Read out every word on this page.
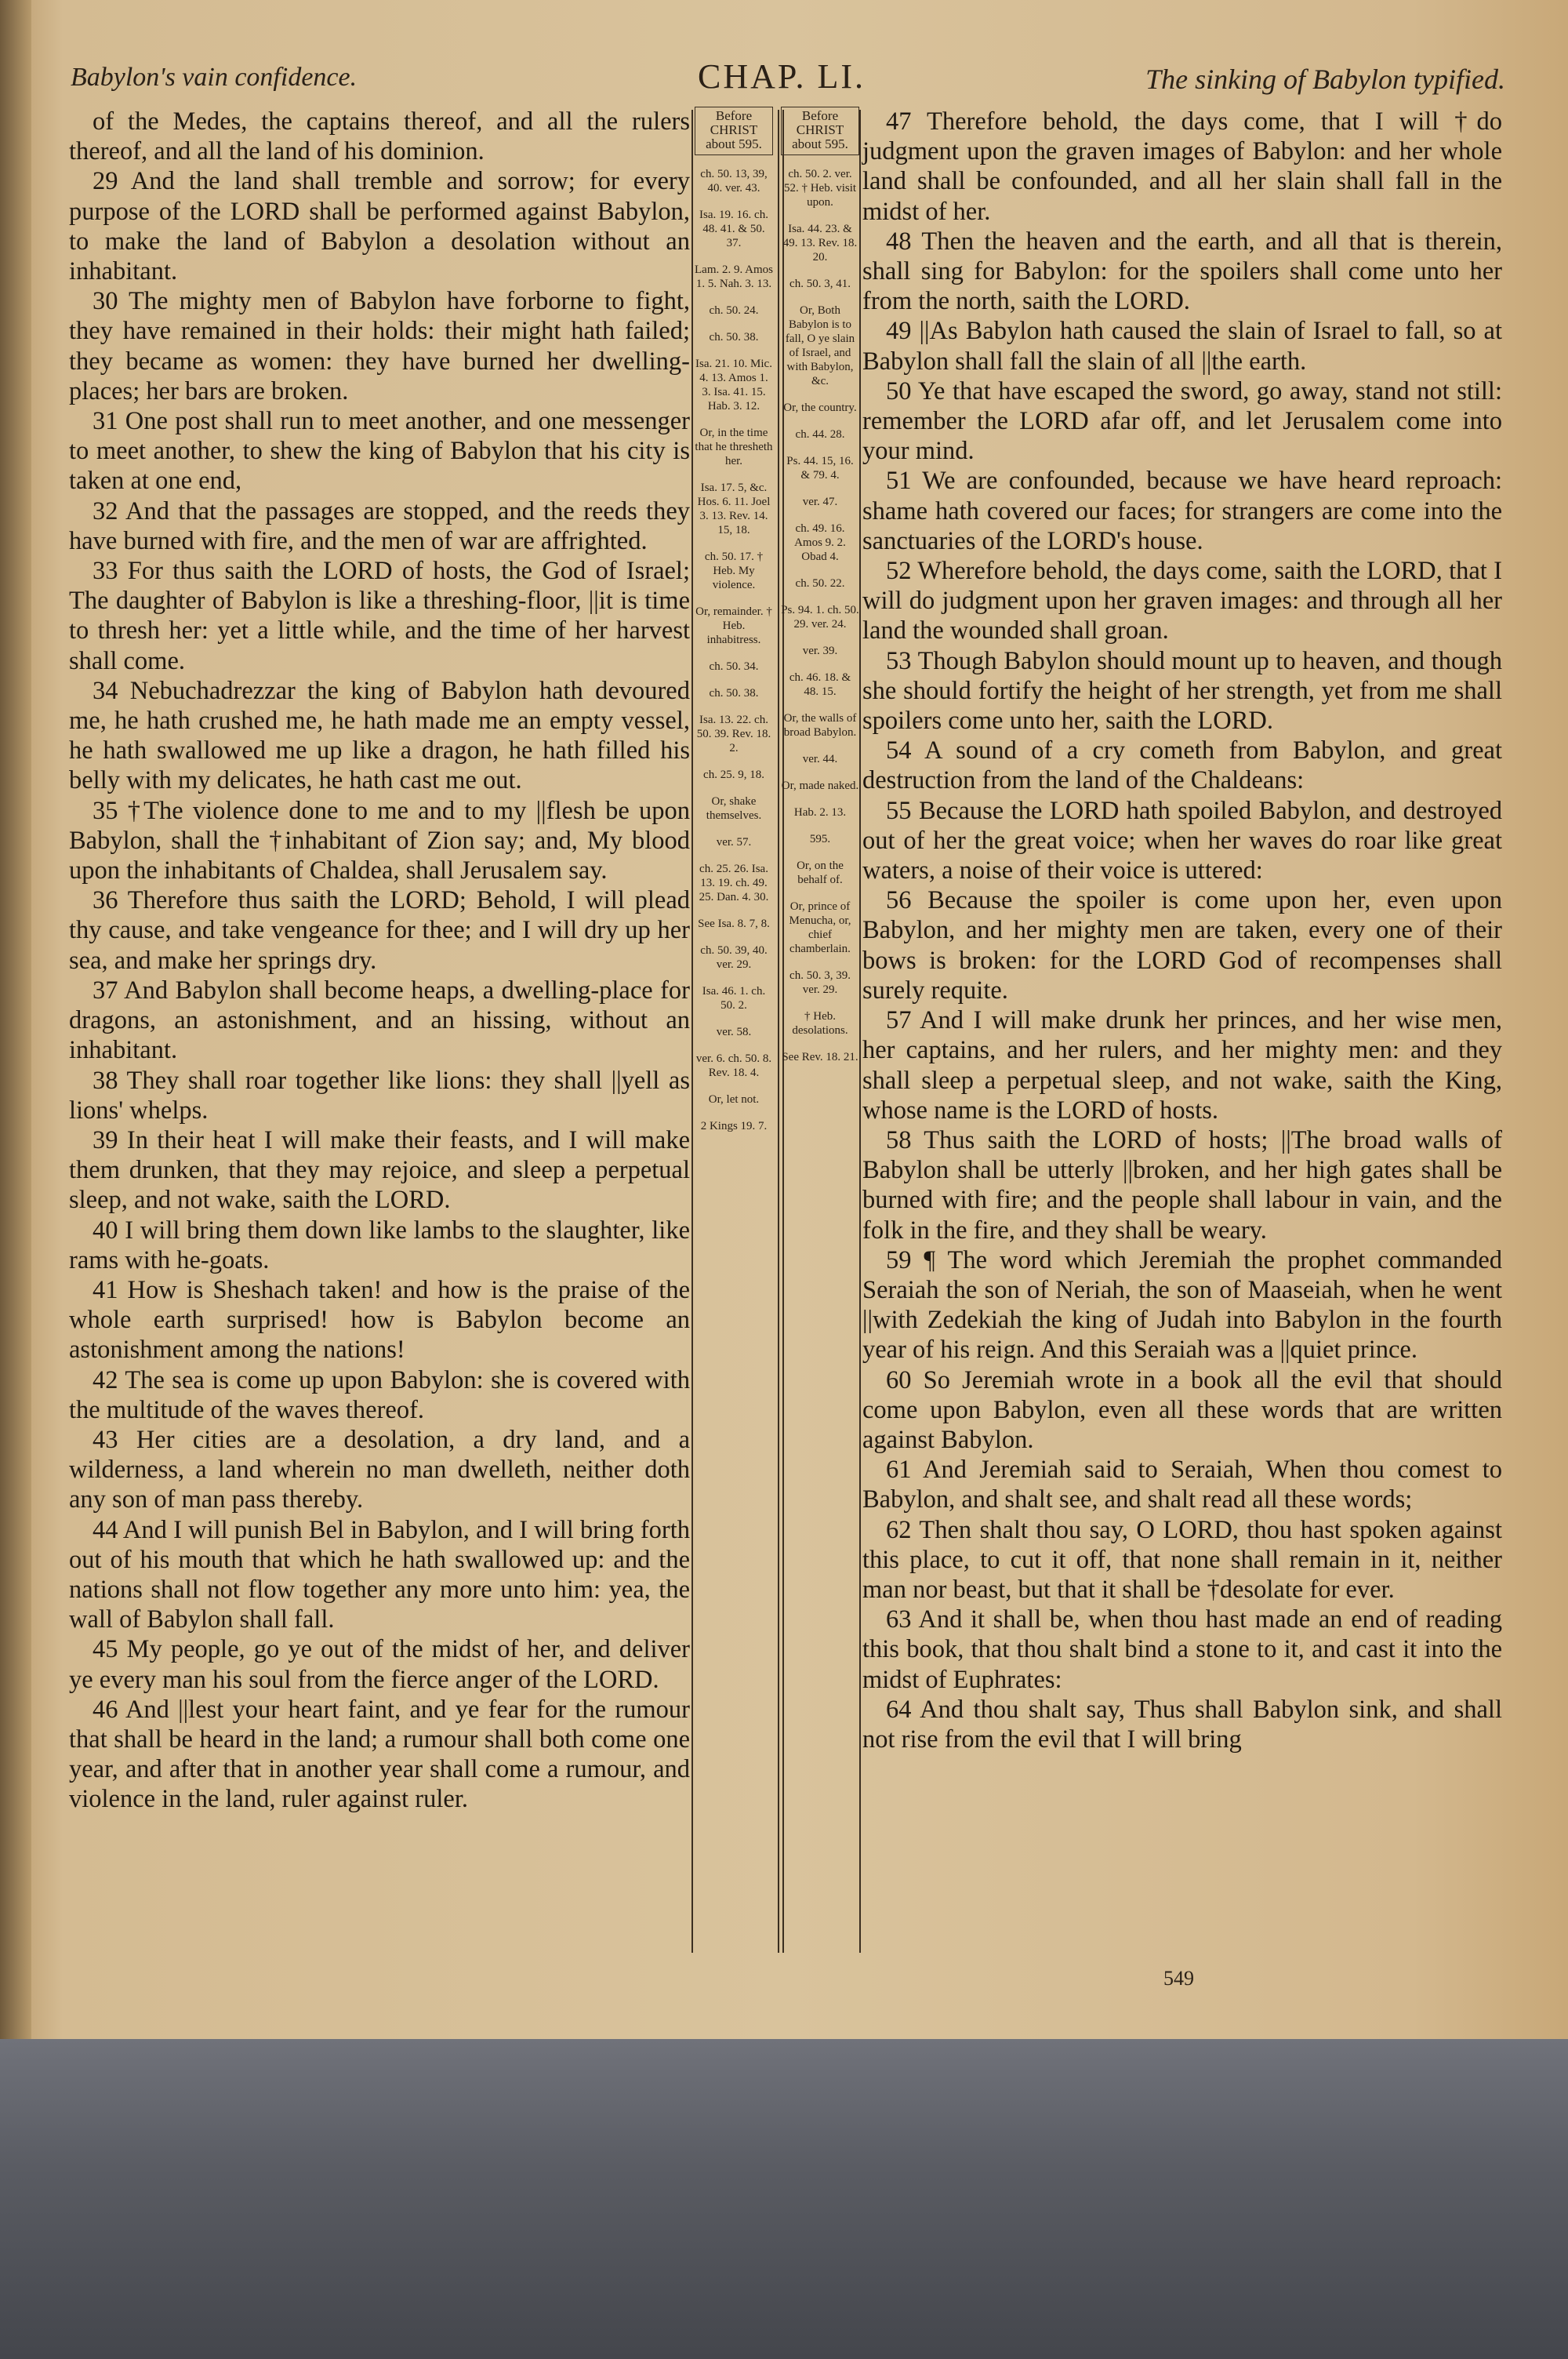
Babylon's vain confidence.	CHAP. LI.	The sinking of Babylon typified.

of the Medes, the captains thereof, and all the rulers thereof, and all the land of his dominion.

29 And the land shall tremble and sorrow; for every purpose of the LORD shall be performed against Babylon, to make the land of Babylon a desolation without an inhabitant.

30 The mighty men of Babylon have forborne to fight, they have remained in their holds: their might hath failed; they became as women: they have burned her dwelling-places; her bars are broken.

31 One post shall run to meet another, and one messenger to meet another, to shew the king of Babylon that his city is taken at one end,

32 And that the passages are stopped, and the reeds they have burned with fire, and the men of war are affrighted.

33 For thus saith the LORD of hosts, the God of Israel; The daughter of Babylon is like a threshing-floor, ||it is time to thresh her: yet a little while, and the time of her harvest shall come.

34 Nebuchadrezzar the king of Babylon hath devoured me, he hath crushed me, he hath made me an empty vessel, he hath swallowed me up like a dragon, he hath filled his belly with my delicates, he hath cast me out.

35 †The violence done to me and to my ||flesh be upon Babylon, shall the †inhabitant of Zion say; and, My blood upon the inhabitants of Chaldea, shall Jerusalem say.

36 Therefore thus saith the LORD; Behold, I will plead thy cause, and take vengeance for thee; and I will dry up her sea, and make her springs dry.

37 And Babylon shall become heaps, a dwelling-place for dragons, an astonishment, and an hissing, without an inhabitant.

38 They shall roar together like lions: they shall ||yell as lions' whelps.

39 In their heat I will make their feasts, and I will make them drunken, that they may rejoice, and sleep a perpetual sleep, and not wake, saith the LORD.

40 I will bring them down like lambs to the slaughter, like rams with he-goats.

41 How is Sheshach taken! and how is the praise of the whole earth surprised! how is Babylon become an astonishment among the nations!

42 The sea is come up upon Babylon: she is covered with the multitude of the waves thereof.

43 Her cities are a desolation, a dry land, and a wilderness, a land wherein no man dwelleth, neither doth any son of man pass thereby.

44 And I will punish Bel in Babylon, and I will bring forth out of his mouth that which he hath swallowed up: and the nations shall not flow together any more unto him: yea, the wall of Babylon shall fall.

45 My people, go ye out of the midst of her, and deliver ye every man his soul from the fierce anger of the LORD.

46 And ||lest your heart faint, and ye fear for the rumour that shall be heard in the land; a rumour shall both come one year, and after that in another year shall come a rumour, and violence in the land, ruler against ruler.

Before CHRIST about 595.

ch. 50. 13, 39, 40. ver. 43.

Isa. 19. 16. ch. 48. 41. & 50. 37.

Lam. 2. 9. Amos 1. 5. Nah. 3. 13.

ch. 50. 24.

ch. 50. 38.

Isa. 21. 10. Mic. 4. 13. Amos 1. 3. Isa. 41. 15. Hab. 3. 12.

Or, in the time that he thresheth her.

Isa. 17. 5, &c. Hos. 6. 11. Joel 3. 13. Rev. 14. 15, 18.

ch. 50. 17. † Heb. My violence.

Or, remainder. † Heb. inhabitress.

ch. 50. 34.

ch. 50. 38.

Isa. 13. 22. ch. 50. 39. Rev. 18. 2.

ch. 25. 9, 18.

Or, shake themselves.

ver. 57.

ch. 25. 26. Isa. 13. 19. ch. 49. 25. Dan. 4. 30.

See Isa. 8. 7, 8.

ch. 50. 39, 40. ver. 29.

Isa. 46. 1. ch. 50. 2.

ver. 58.

ver. 6. ch. 50. 8. Rev. 18. 4.

Or, let not.

2 Kings 19. 7.

Before CHRIST about 595.

ch. 50. 2. ver. 52. † Heb. visit upon.

Isa. 44. 23. & 49. 13. Rev. 18. 20.

ch. 50. 3, 41.

Or, Both Babylon is to fall, O ye slain of Israel, and with Babylon, &c.

Or, the country.

ch. 44. 28.

Ps. 44. 15, 16. & 79. 4.

ver. 47.

ch. 49. 16. Amos 9. 2. Obad 4.

ch. 50. 22.

Ps. 94. 1. ch. 50. 29. ver. 24.

ver. 39.

ch. 46. 18. & 48. 15.

Or, the walls of broad Babylon.

ver. 44.

Or, made naked.

Hab. 2. 13.

595.

Or, on the behalf of.

Or, prince of Menucha, or, chief chamberlain.

ch. 50. 3, 39. ver. 29.

† Heb. desolations.

See Rev. 18. 21.

47 Therefore behold, the days come, that I will †do judgment upon the graven images of Babylon: and her whole land shall be confounded, and all her slain shall fall in the midst of her.

48 Then the heaven and the earth, and all that is therein, shall sing for Babylon: for the spoilers shall come unto her from the north, saith the LORD.

49 ||As Babylon hath caused the slain of Israel to fall, so at Babylon shall fall the slain of all ||the earth.

50 Ye that have escaped the sword, go away, stand not still: remember the LORD afar off, and let Jerusalem come into your mind.

51 We are confounded, because we have heard reproach: shame hath covered our faces; for strangers are come into the sanctuaries of the LORD's house.

52 Wherefore behold, the days come, saith the LORD, that I will do judgment upon her graven images: and through all her land the wounded shall groan.

53 Though Babylon should mount up to heaven, and though she should fortify the height of her strength, yet from me shall spoilers come unto her, saith the LORD.

54 A sound of a cry cometh from Babylon, and great destruction from the land of the Chaldeans:

55 Because the LORD hath spoiled Babylon, and destroyed out of her the great voice; when her waves do roar like great waters, a noise of their voice is uttered:

56 Because the spoiler is come upon her, even upon Babylon, and her mighty men are taken, every one of their bows is broken: for the LORD God of recompenses shall surely requite.

57 And I will make drunk her princes, and her wise men, her captains, and her rulers, and her mighty men: and they shall sleep a perpetual sleep, and not wake, saith the King, whose name is the LORD of hosts.

58 Thus saith the LORD of hosts; ||The broad walls of Babylon shall be utterly ||broken, and her high gates shall be burned with fire; and the people shall labour in vain, and the folk in the fire, and they shall be weary.

59 ¶ The word which Jeremiah the prophet commanded Seraiah the son of Neriah, the son of Maaseiah, when he went ||with Zedekiah the king of Judah into Babylon in the fourth year of his reign. And this Seraiah was a ||quiet prince.

60 So Jeremiah wrote in a book all the evil that should come upon Babylon, even all these words that are written against Babylon.

61 And Jeremiah said to Seraiah, When thou comest to Babylon, and shalt see, and shalt read all these words;

62 Then shalt thou say, O LORD, thou hast spoken against this place, to cut it off, that none shall remain in it, neither man nor beast, but that it shall be †desolate for ever.

63 And it shall be, when thou hast made an end of reading this book, that thou shalt bind a stone to it, and cast it into the midst of Euphrates:

64 And thou shalt say, Thus shall Babylon sink, and shall not rise from the evil that I will bring

549
